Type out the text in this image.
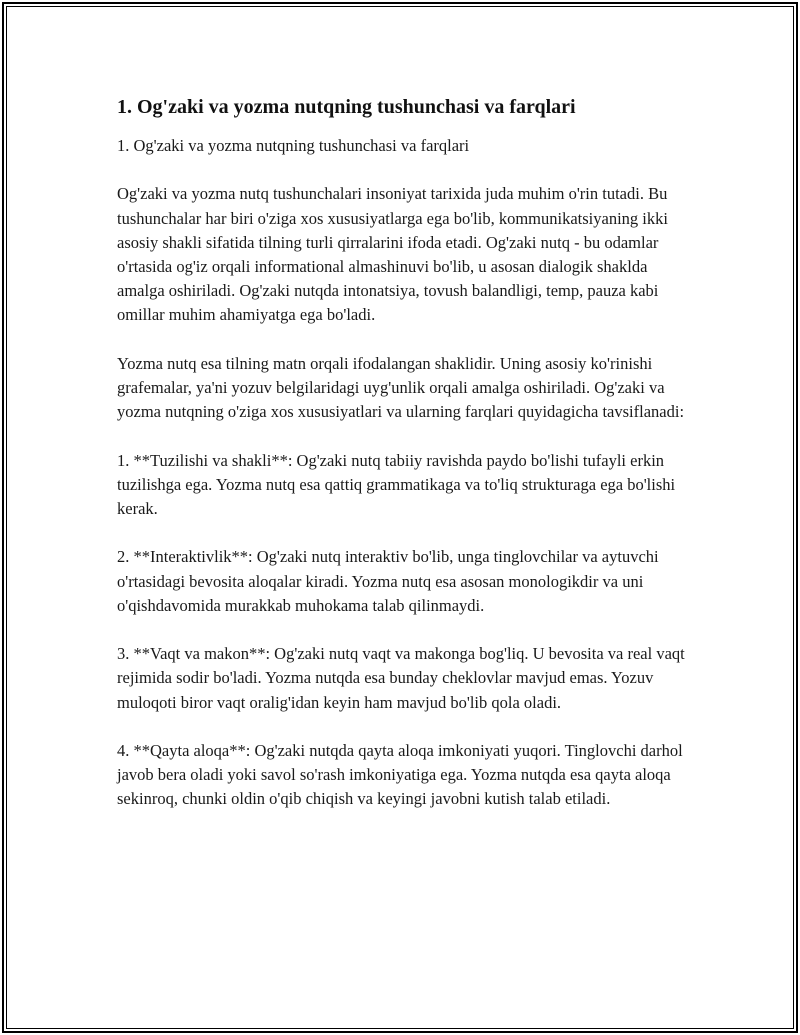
1. Og'zaki va yozma nutqning tushunchasi va farqlari

1. Og'zaki va yozma nutqning tushunchasi va farqlari

Og'zaki va yozma nutq tushunchalari insoniyat tarixida juda muhim o'rin tutadi. Bu tushunchalar har biri o'ziga xos xususiyatlarga ega bo'lib, kommunikatsiyaning ikki asosiy shakli sifatida tilning turli qirralarini ifoda etadi. Og'zaki nutq - bu odamlar o'rtasida og'iz orqali informational almashinuvi bo'lib, u asosan dialogik shaklda amalga oshiriladi. Og'zaki nutqda intonatsiya, tovush balandligi, temp, pauza kabi omillar muhim ahamiyatga ega bo'ladi.

Yozma nutq esa tilning matn orqali ifodalangan shaklidir. Uning asosiy ko'rinishi grafemalar, ya'ni yozuv belgilaridagi uyg'unlik orqali amalga oshiriladi. Og'zaki va yozma nutqning o'ziga xos xususiyatlari va ularning farqlari quyidagicha tavsiflanadi:

1. **Tuzilishi va shakli**: Og'zaki nutq tabiiy ravishda paydo bo'lishi tufayli erkin tuzilishga ega. Yozma nutq esa qattiq grammatikaga va to'liq strukturaga ega bo'lishi kerak.

2. **Interaktivlik**: Og'zaki nutq interaktiv bo'lib, unga tinglovchilar va aytuvchi o'rtasidagi bevosita aloqalar kiradi. Yozma nutq esa asosan monologikdir va uni o'qishdavomida murakkab muhokama talab qilinmaydi.

3. **Vaqt va makon**: Og'zaki nutq vaqt va makonga bog'liq. U bevosita va real vaqt rejimida sodir bo'ladi. Yozma nutqda esa bunday cheklovlar mavjud emas. Yozuv muloqoti biror vaqt oralig'idan keyin ham mavjud bo'lib qola oladi.

4. **Qayta aloqa**: Og'zaki nutqda qayta aloqa imkoniyati yuqori. Tinglovchi darhol javob bera oladi yoki savol so'rash imkoniyatiga ega. Yozma nutqda esa qayta aloqa sekinroq, chunki oldin o'qib chiqish va keyingi javobni kutish talab etiladi.
